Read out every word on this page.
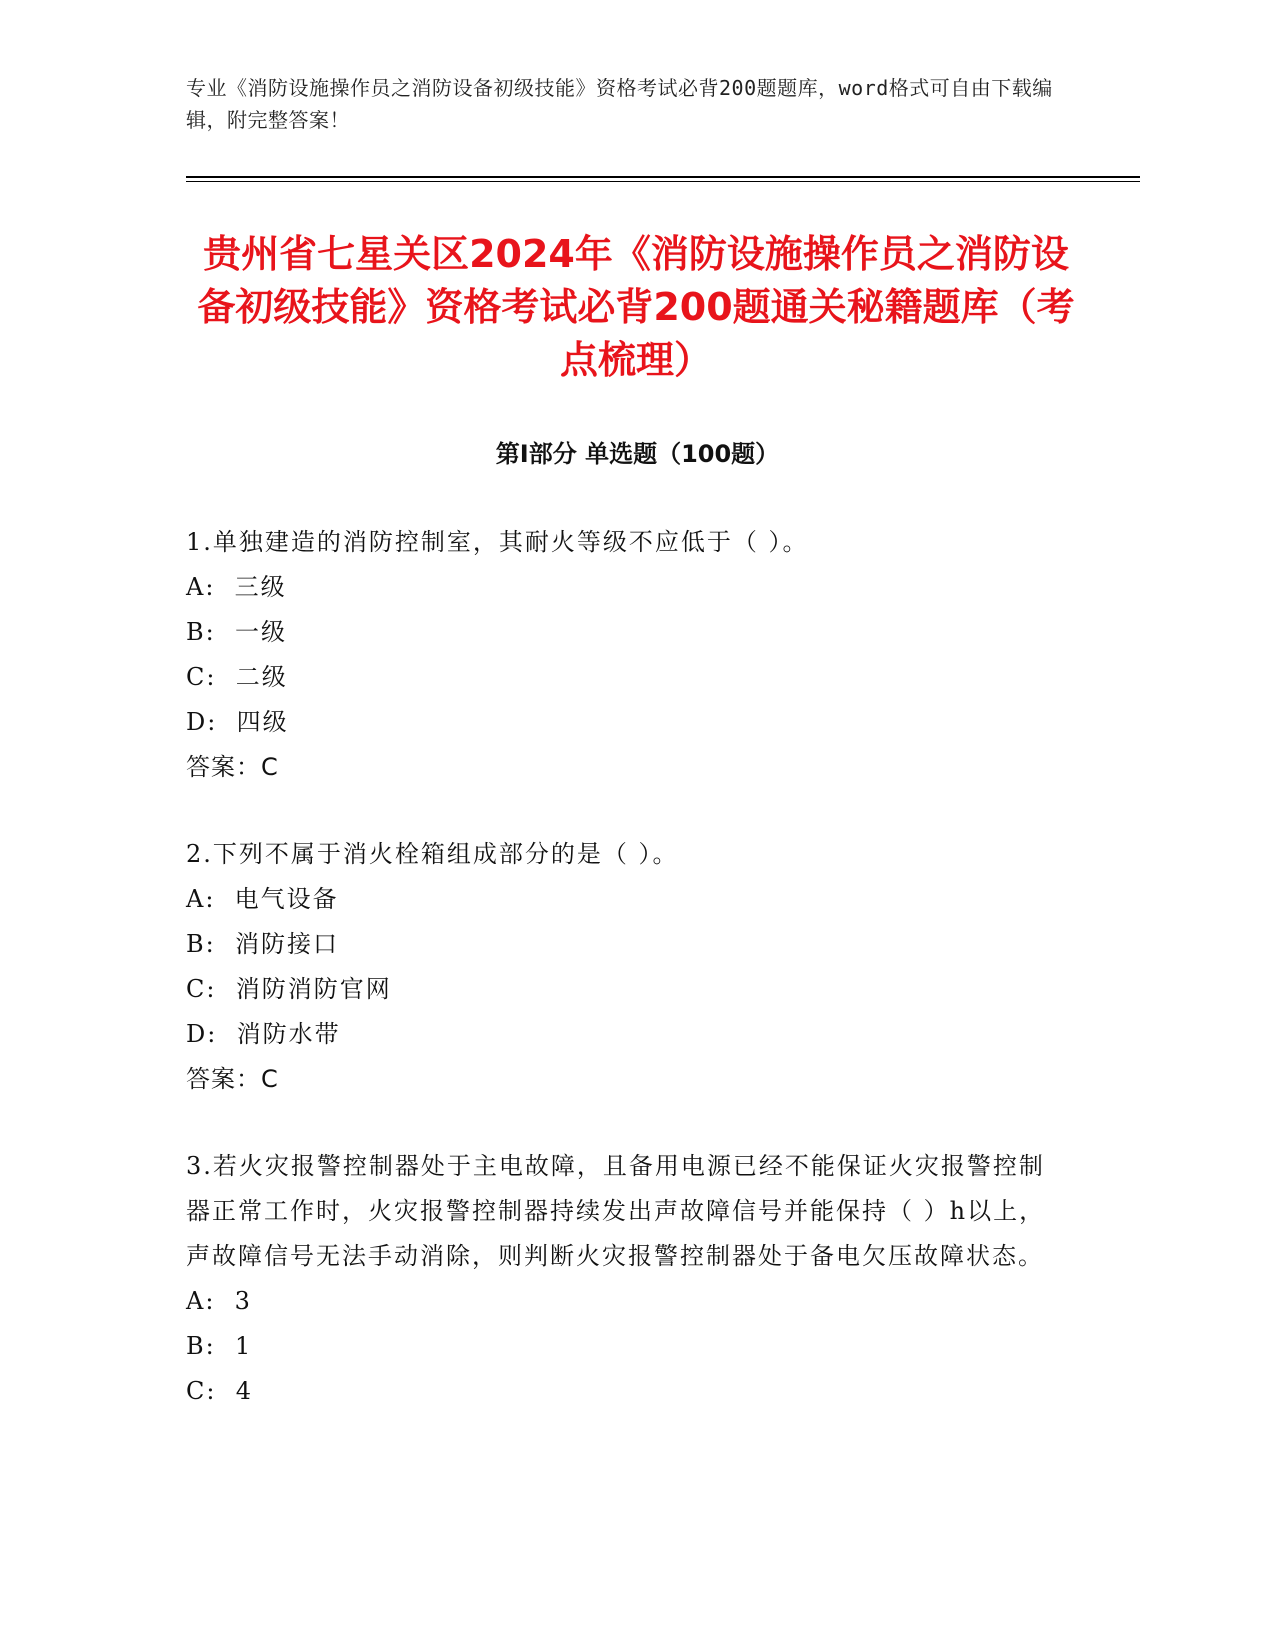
专业《消防设施操作员之消防设备初级技能》资格考试必背200题题库，word格式可自由下载编辑，附完整答案！
贵州省七星关区2024年《消防设施操作员之消防设备初级技能》资格考试必背200题通关秘籍题库（考点梳理）
第Ⅰ部分 单选题（100题）
1.单独建造的消防控制室，其耐火等级不应低于（ ）。
A:  三级
B:  一级
C:  二级
D:  四级
答案：C
2.下列不属于消火栓箱组成部分的是（ ）。
A:  电气设备
B:  消防接口
C:  消防消防官网
D:  消防水带
答案：C
3.若火灾报警控制器处于主电故障，且备用电源已经不能保证火灾报警控制器正常工作时，火灾报警控制器持续发出声故障信号并能保持（ ）h以上，声故障信号无法手动消除，则判断火灾报警控制器处于备电欠压故障状态。
A:  3
B:  1
C:  4
